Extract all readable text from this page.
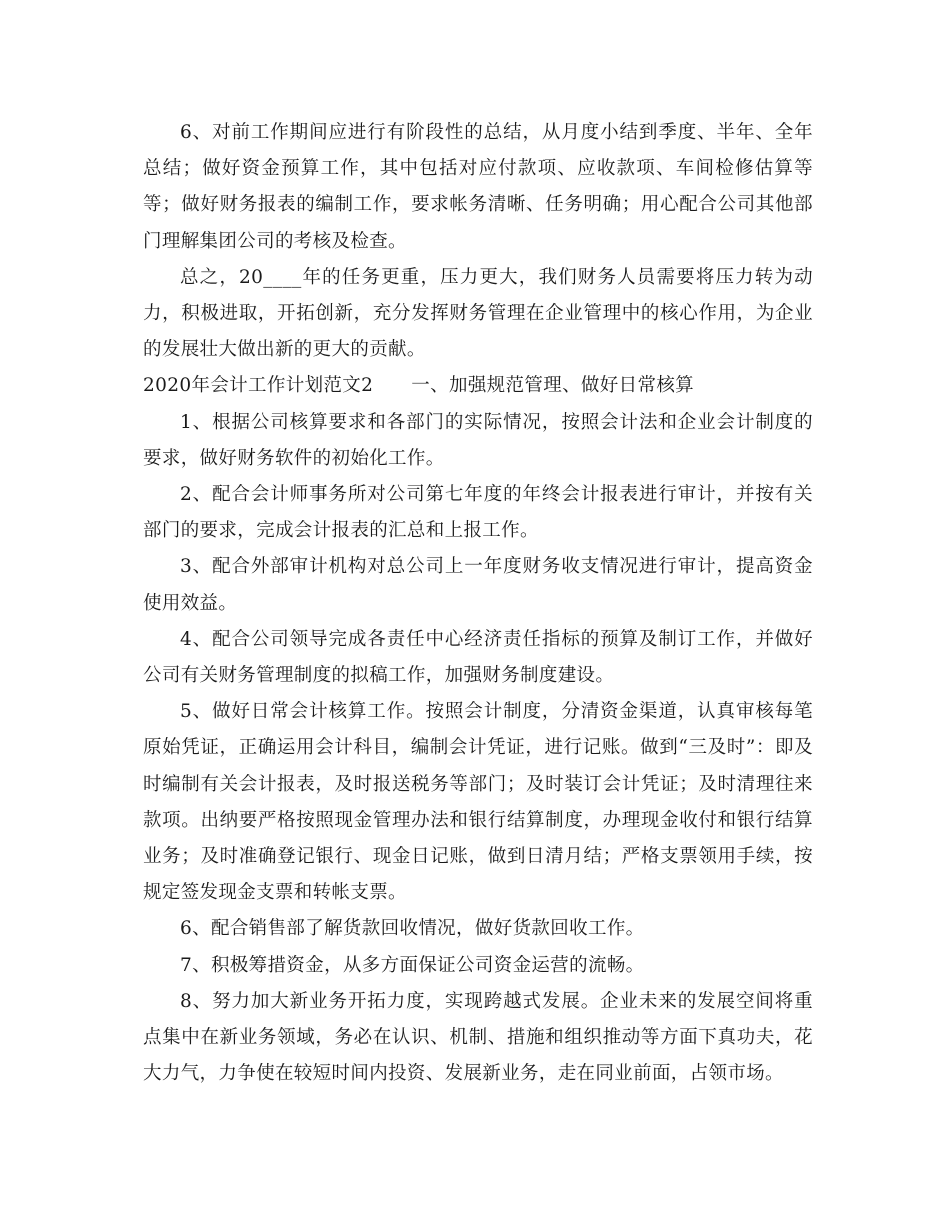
6、对前工作期间应进行有阶段性的总结，从月度小结到季度、半年、全年总结；做好资金预算工作，其中包括对应付款项、应收款项、车间检修估算等等；做好财务报表的编制工作，要求帐务清晰、任务明确；用心配合公司其他部门理解集团公司的考核及检查。

总之，20____年的任务更重，压力更大，我们财务人员需要将压力转为动力，积极进取，开拓创新，充分发挥财务管理在企业管理中的核心作用，为企业的发展壮大做出新的更大的贡献。

2020年会计工作计划范文2 一、加强规范管理、做好日常核算

1、根据公司核算要求和各部门的实际情况，按照会计法和企业会计制度的要求，做好财务软件的初始化工作。

2、配合会计师事务所对公司第七年度的年终会计报表进行审计，并按有关部门的要求，完成会计报表的汇总和上报工作。

3、配合外部审计机构对总公司上一年度财务收支情况进行审计，提高资金使用效益。

4、配合公司领导完成各责任中心经济责任指标的预算及制订工作，并做好公司有关财务管理制度的拟稿工作，加强财务制度建设。

5、做好日常会计核算工作。按照会计制度，分清资金渠道，认真审核每笔原始凭证，正确运用会计科目，编制会计凭证，进行记账。做到“三及时”：即及时编制有关会计报表，及时报送税务等部门；及时装订会计凭证；及时清理往来款项。出纳要严格按照现金管理办法和银行结算制度，办理现金收付和银行结算业务；及时准确登记银行、现金日记账，做到日清月结；严格支票领用手续，按规定签发现金支票和转帐支票。

6、配合销售部了解货款回收情况，做好货款回收工作。

7、积极筹措资金，从多方面保证公司资金运营的流畅。

8、努力加大新业务开拓力度，实现跨越式发展。企业未来的发展空间将重点集中在新业务领域，务必在认识、机制、措施和组织推动等方面下真功夫，花大力气，力争使在较短时间内投资、发展新业务，走在同业前面，占领市场。
